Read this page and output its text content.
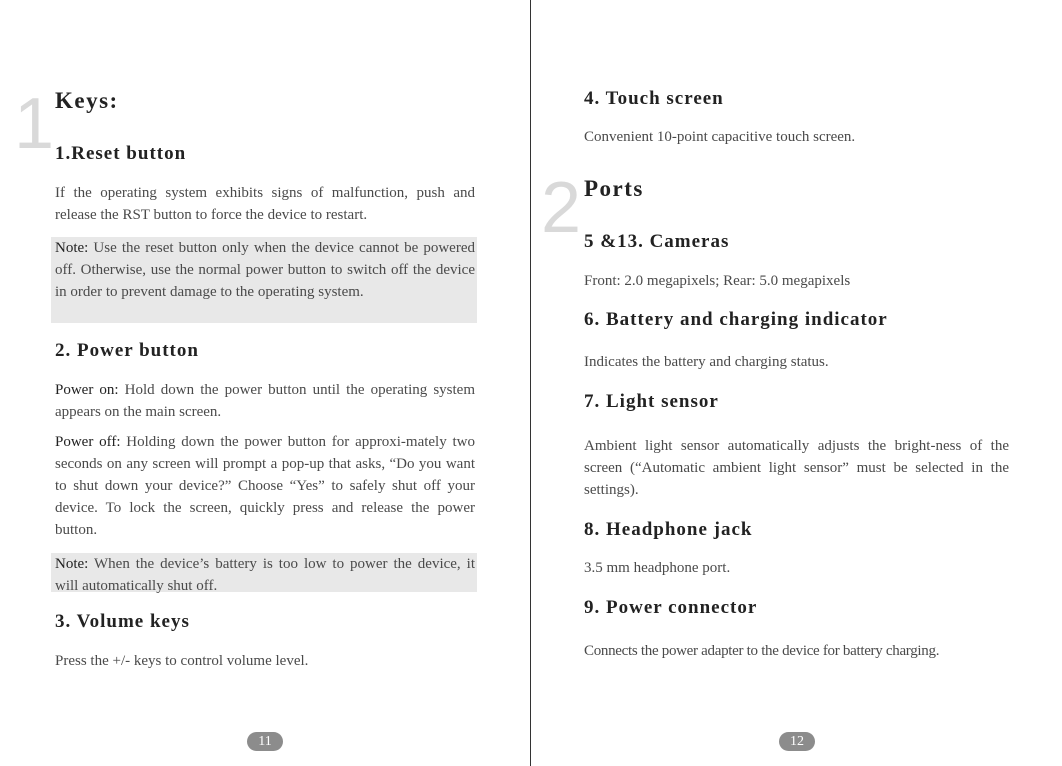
1 Keys:
1.Reset button

If the operating system exhibits signs of malfunction, push and release the RST button to force the device to restart.

Note: Use the reset button only when the device cannot be powered off. Otherwise, use the normal power button to switch off the device in order to prevent damage to the operating system.

2. Power button

Power on: Hold down the power button until the operating system appears on the main screen.

Power off: Holding down the power button for approxi-mately two seconds on any screen will prompt a pop-up that asks, “Do you want to shut down your device?” Choose “Yes” to safely shut off your device. To lock the screen, quickly press and release the power button.

Note: When the device’s battery is too low to power the device, it will automatically shut off.

3. Volume keys

Press the +/- keys to control volume level.

11
4. Touch screen

Convenient 10-point capacitive touch screen.

2 Ports
5 &13. Cameras

Front: 2.0 megapixels; Rear: 5.0 megapixels

6. Battery and charging indicator

Indicates the battery and charging status.

7. Light sensor

Ambient light sensor automatically adjusts the bright-ness of the screen (“Automatic ambient light sensor” must be selected in the settings).

8. Headphone jack

3.5 mm headphone port.

9. Power connector

Connects the power adapter to the device for battery charging.

12
